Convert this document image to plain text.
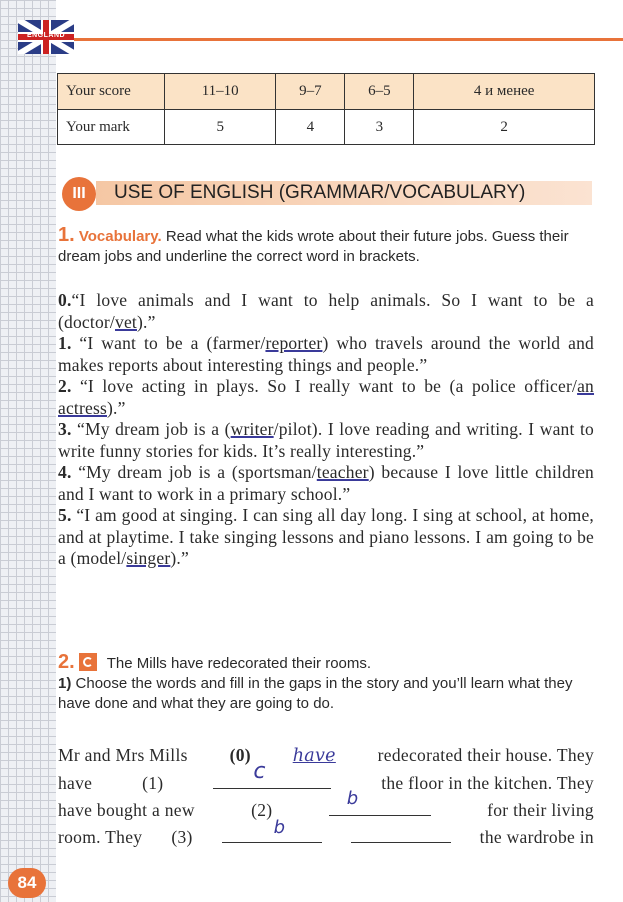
ENGLAND
Your score	11–10	9–7	6–5	4 и менее
Your mark	5	4	3	2
III	USE OF ENGLISH (GRAMMAR/VOCABULARY)
1. Vocabulary. Read what the kids wrote about their future jobs. Guess their dream jobs and underline the correct word in brackets.

0.“I love animals and I want to help animals. So I want to be a (doctor/vet).”

1. “I want to be a (farmer/reporter) who travels around the world and makes reports about interesting things and people.”

2. “I love acting in plays. So I really want to be (a police officer/an actress).”

3. “My dream job is a (writer/pilot). I love reading and writing. I want to write funny stories for kids. It’s really interesting.”

4. “My dream job is a (sportsman/teacher) because I love little children and I want to work in a primary school.”

5. “I am good at singing. I can sing all day long. I sing at school, at home, and at playtime. I take singing lessons and piano lessons. I am going to be a (model/singer).”

2. The Mills have redecorated their rooms.
1) Choose the words and fill in the gaps in the story and you’ll learn what they have done and what they are going to do.
Mr and Mrs Mills (0) have redecorated their house. They
have	(1)	c	the floor in the kitchen. They
have bought a new	(2)
b
for their living
room. They (3)	b	the wardrobe in
84
